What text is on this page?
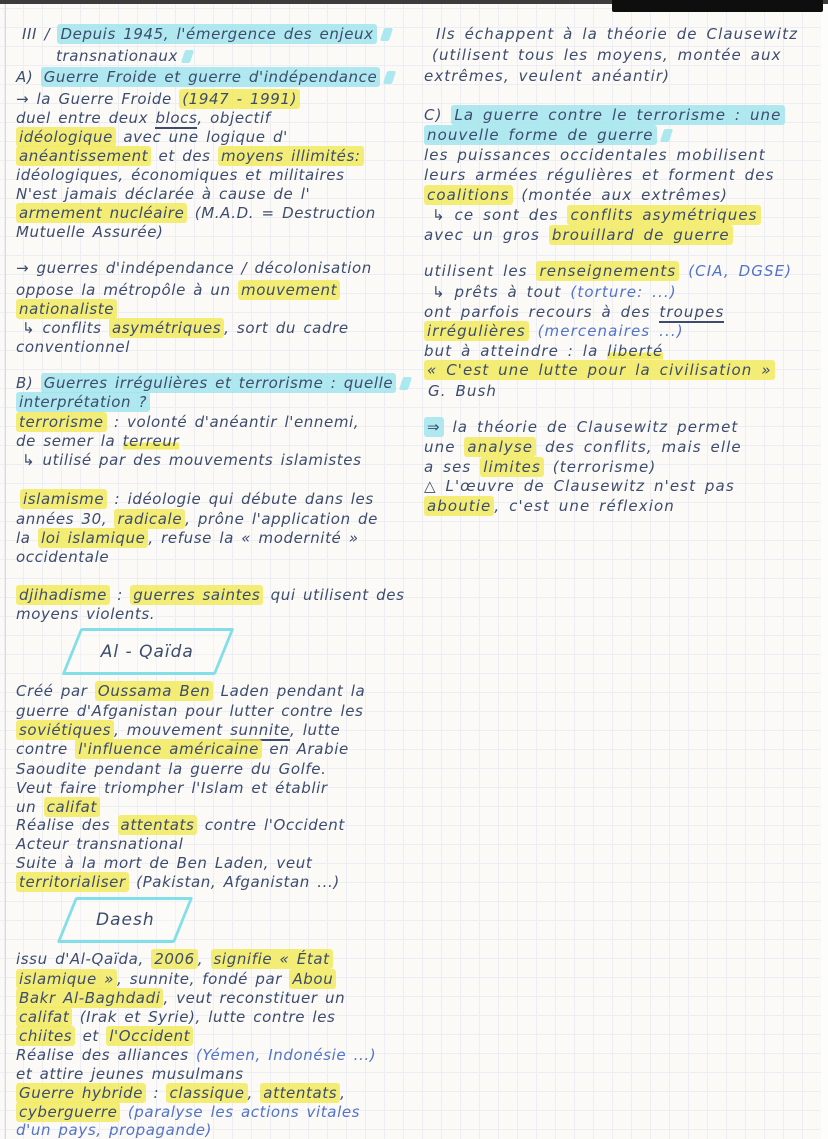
III / Depuis 1945, l'émergence des enjeux
transnationaux
A) Guerre Froide et guerre d'indépendance
→ la Guerre Froide (1947 - 1991)
duel entre deux blocs, objectif
idéologique avec une logique d'
anéantissement et des moyens illimités:
idéologiques, économiques et militaires
N'est jamais déclarée à cause de l'
armement nucléaire (M.A.D. = Destruction
Mutuelle Assurée)
→ guerres d'indépendance / décolonisation
oppose la métropôle à un mouvement
nationaliste
↳ conflits asymétriques , sort du cadre
conventionnel
B) Guerres irrégulières et terrorisme : quelle
interprétation ?
terrorisme : volonté d'anéantir l'ennemi,
de semer la terreur
↳ utilisé par des mouvements islamistes
islamisme : idéologie qui débute dans les
années 30, radicale , prône l'application de
la loi islamique , refuse la « modernité »
occidentale
djihadisme : guerres saintes qui utilisent des
moyens violents.
Al - Qaïda
Créé par Oussama Ben Laden pendant la
guerre d'Afganistan pour lutter contre les
soviétiques , mouvement sunnite, lutte
contre l'influence américaine en Arabie
Saoudite pendant la guerre du Golfe.
Veut faire triompher l'Islam et établir
un califat
Réalise des attentats contre l'Occident
Acteur transnational
Suite à la mort de Ben Laden, veut
territorialiser (Pakistan, Afganistan ...)
Daesh
issu d'Al-Qaïda, 2006 , signifie « État
islamique » , sunnite, fondé par Abou
Bakr Al-Baghdadi , veut reconstituer un
califat (Irak et Syrie), lutte contre les
chiites et l'Occident
Réalise des alliances (Yémen, Indonésie ...)
et attire jeunes musulmans
Guerre hybride : classique , attentats ,
cyberguerre (paralyse les actions vitales
d'un pays, propagande)
Ils échappent à la théorie de Clausewitz
(utilisent tous les moyens, montée aux
extrêmes, veulent anéantir)
C) La guerre contre le terrorisme : une
nouvelle forme de guerre
les puissances occidentales mobilisent
leurs armées régulières et forment des
coalitions (montée aux extrêmes)
↳ ce sont des conflits asymétriques
avec un gros brouillard de guerre
utilisent les renseignements (CIA, DGSE)
↳ prêts à tout (torture: ...)
ont parfois recours à des troupes
irrégulières (mercenaires ...)
but à atteindre : la liberté
« C'est une lutte pour la civilisation »
G. Bush
⇒ la théorie de Clausewitz permet
une analyse des conflits, mais elle
a ses limites (terrorisme)
△ L'œuvre de Clausewitz n'est pas
aboutie , c'est une réflexion
